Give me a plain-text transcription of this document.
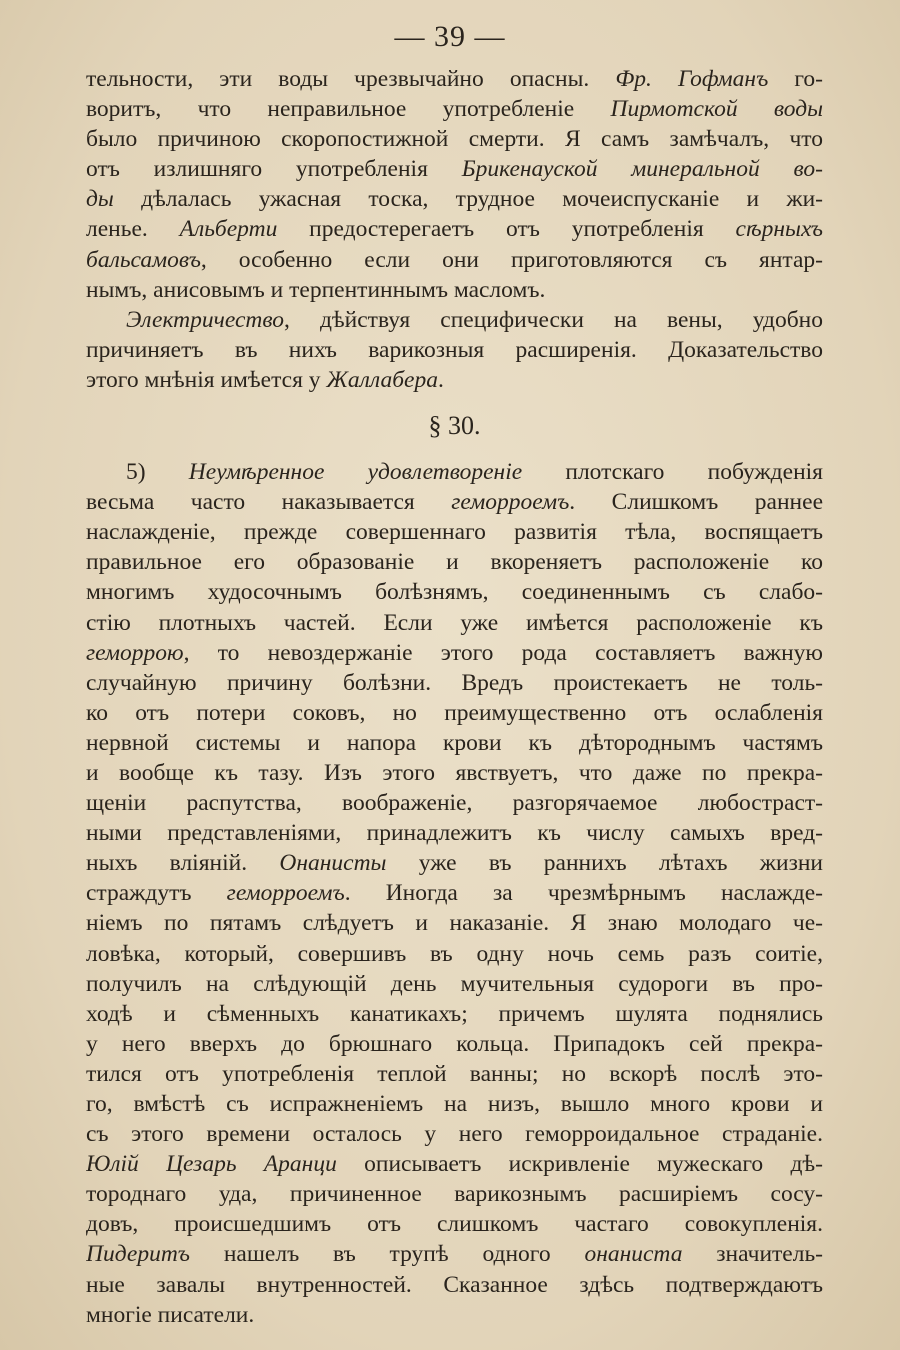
— 39 —
тельности, эти воды чрезвычайно опасны. Фр. Гофманъ го-
воритъ, что неправильное употребленіе Пирмотской воды
было причиною скоропостижной смерти. Я самъ замѣчалъ, что
отъ излишняго употребленія Брикенауской минеральной во-
ды дѣлалась ужасная тоска, трудное мочеиспусканіе и жи-
ленье. Альберти предостерегаетъ отъ употребленія сѣрныхъ
бальсамовъ, особенно если они приготовляются съ янтар-
нымъ, анисовымъ и терпентиннымъ масломъ.
Электричество, дѣйствуя специфически на вены, удобно
причиняетъ въ нихъ варикозныя расширенія. Доказательство
этого мнѣнія имѣется у Жаллабера.
§ 30.
5) Неумѣренное удовлетвореніе плотскаго побужденія
весьма часто наказывается геморроемъ. Слишкомъ раннее
наслажденіе, прежде совершеннаго развитія тѣла, воспящаетъ
правильное его образованіе и вкореняетъ расположеніе ко
многимъ худосочнымъ болѣзнямъ, соединеннымъ съ слабо-
стію плотныхъ частей. Если уже имѣется расположеніе къ
геморрою, то невоздержаніе этого рода составляетъ важную
случайную причину болѣзни. Вредъ проистекаетъ не толь-
ко отъ потери соковъ, но преимущественно отъ ослабленія
нервной системы и напора крови къ дѣтороднымъ частямъ
и вообще къ тазу. Изъ этого явствуетъ, что даже по прекра-
щеніи распутства, воображеніе, разгорячаемое любостраст-
ными представленіями, принадлежитъ къ числу самыхъ вред-
ныхъ вліяній. Онанисты уже въ раннихъ лѣтахъ жизни
страждутъ геморроемъ. Иногда за чрезмѣрнымъ наслажде-
ніемъ по пятамъ слѣдуетъ и наказаніе. Я знаю молодаго че-
ловѣка, который, совершивъ въ одну ночь семь разъ соитіе,
получилъ на слѣдующій день мучительныя судороги въ про-
ходѣ и сѣменныхъ канатикахъ; причемъ шулята поднялись
у него вверхъ до брюшнаго кольца. Припадокъ сей прекра-
тился отъ употребленія теплой ванны; но вскорѣ послѣ это-
го, вмѣстѣ съ испражненіемъ на низъ, вышло много крови и
съ этого времени осталось у него геморроидальное страданіе.
Юлій Цезарь Аранци описываетъ искривленіе мужескаго дѣ-
тороднаго уда, причиненное варикознымъ расширіемъ сосу-
довъ, происшедшимъ отъ слишкомъ частаго совокупленія.
Пидеритъ нашелъ въ трупѣ одного онаниста значитель-
ные завалы внутренностей. Сказанное здѣсь подтверждаютъ
многіе писатели.
